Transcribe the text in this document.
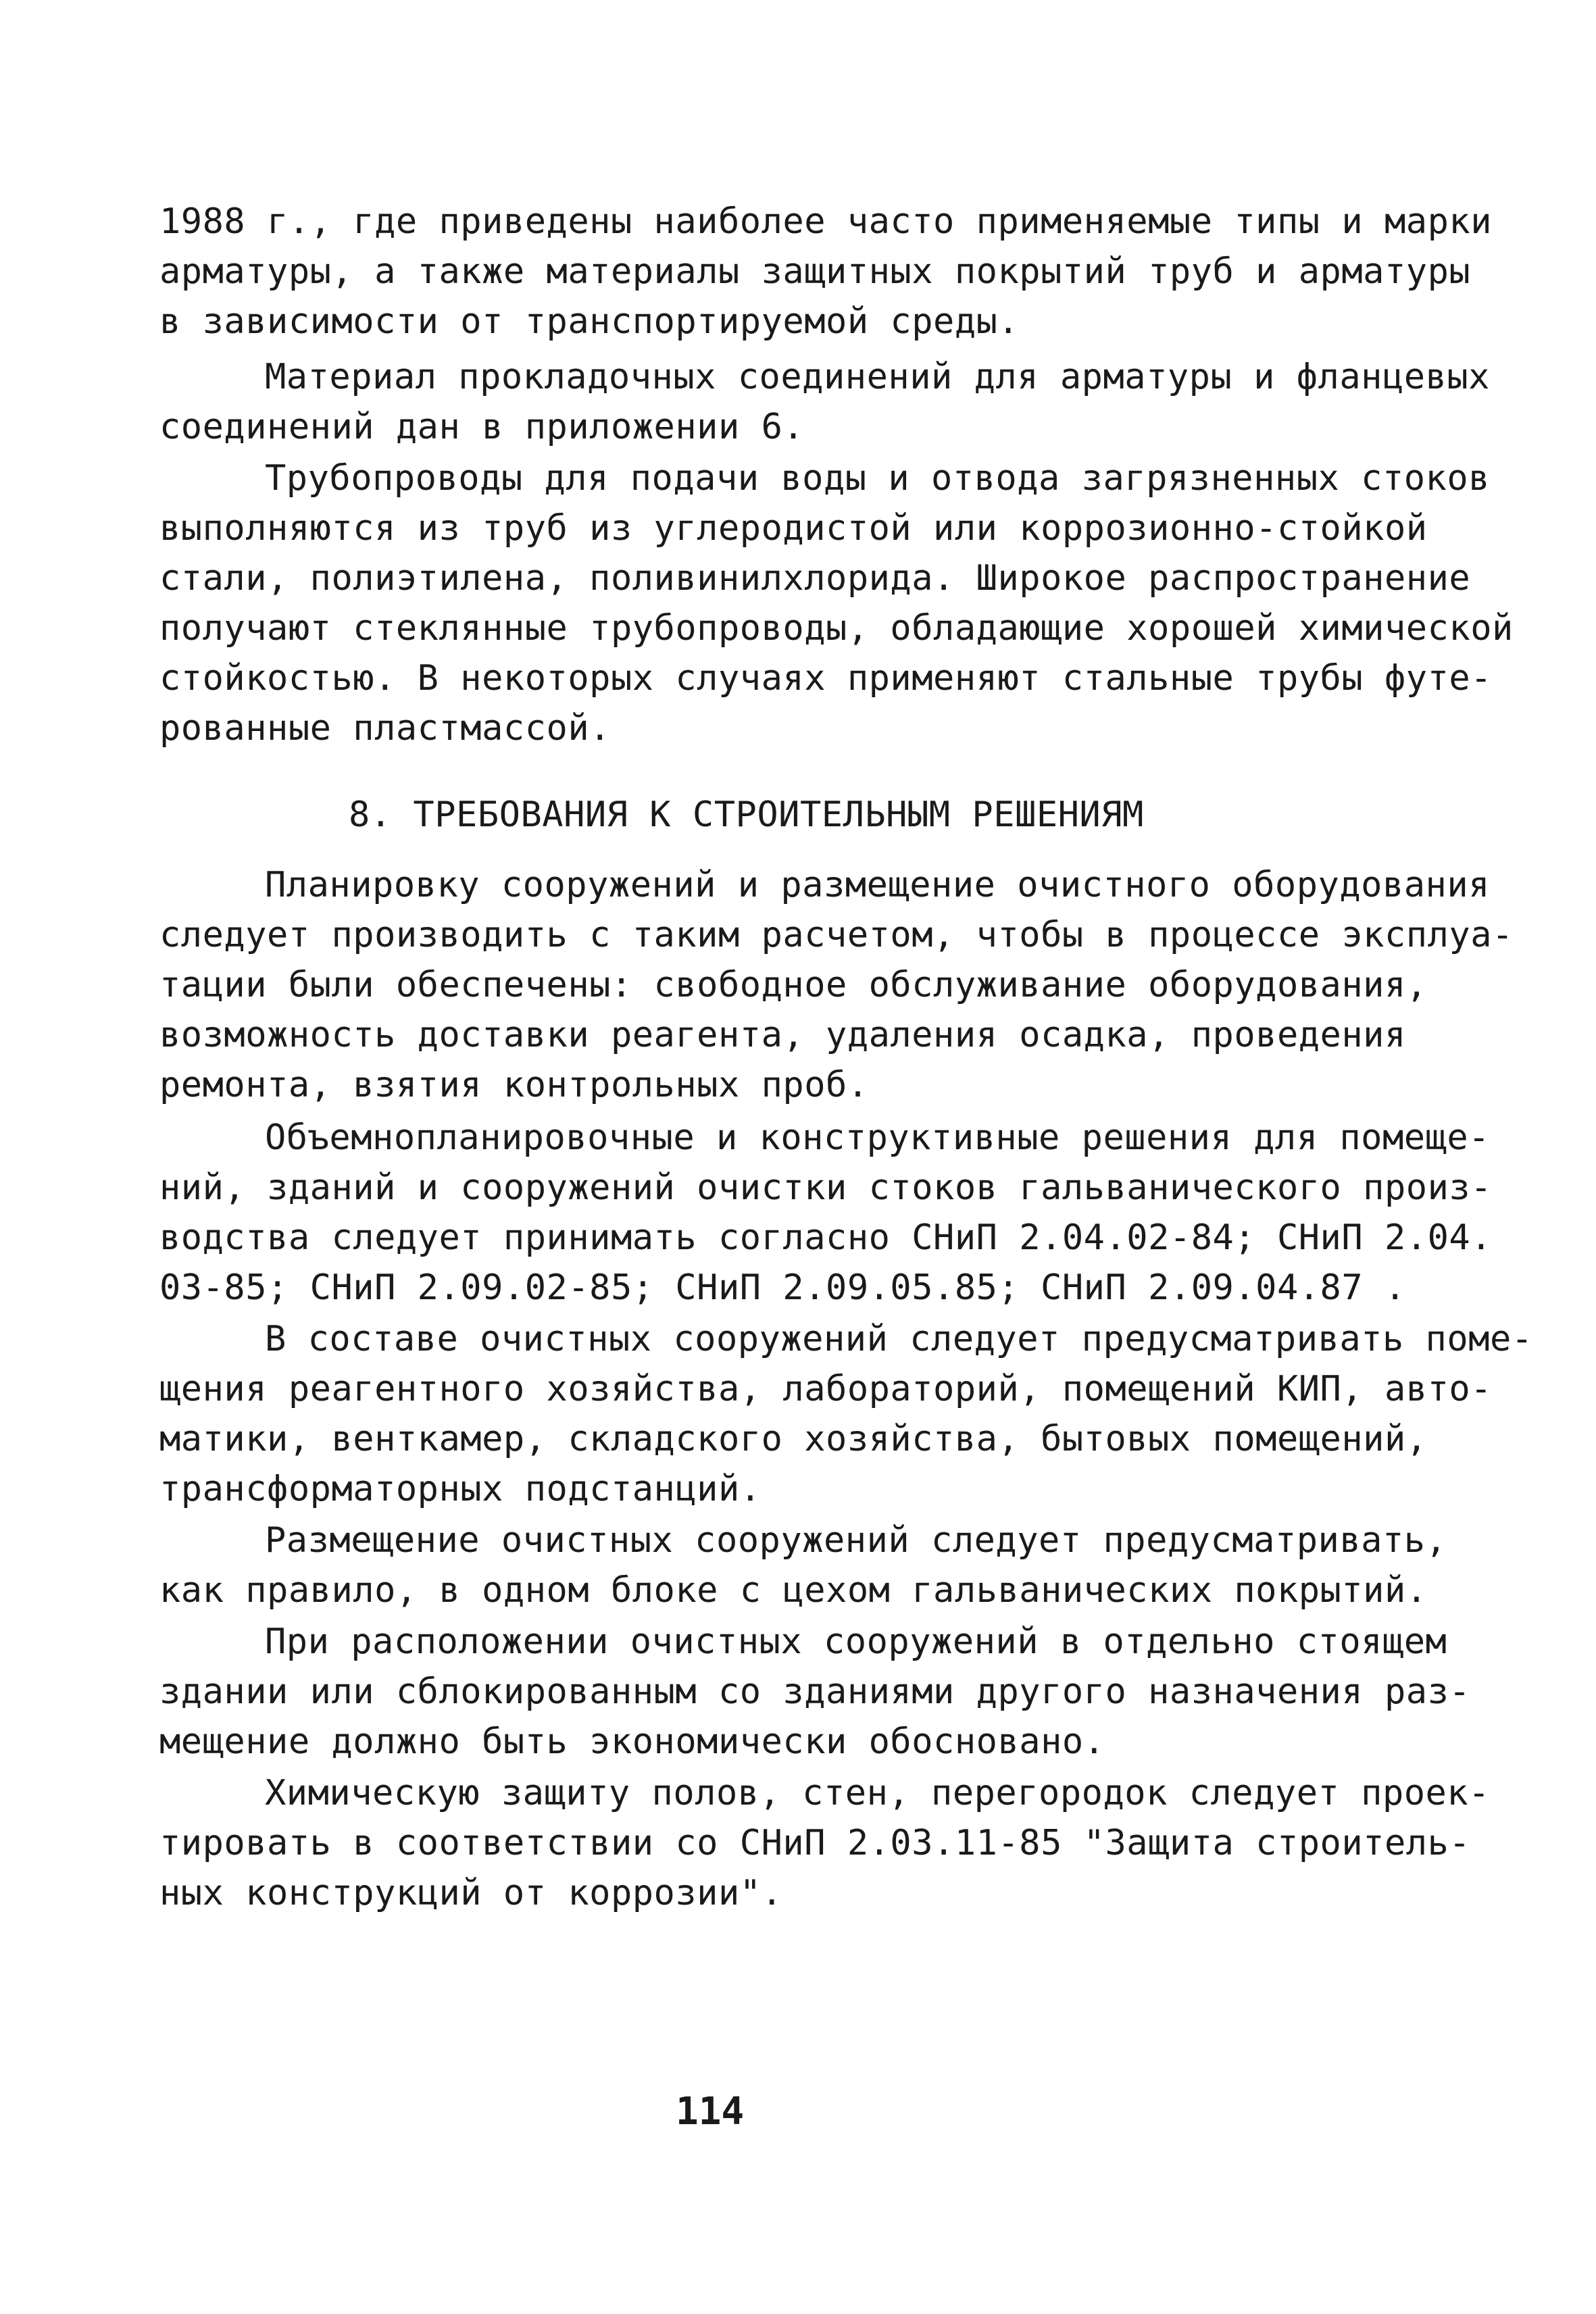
1988 г., где приведены наиболее часто применяемые типы и марки
арматуры, а также материалы защитных покрытий труб и арматуры
в зависимости от транспортируемой среды.
Материал прокладочных соединений для арматуры и фланцевых
соединений дан в приложении 6.
Трубопроводы для подачи воды и отвода загрязненных стоков
выполняются из труб из углеродистой или коррозионно-стойкой
стали, полиэтилена, поливинилхлорида. Широкое распространение
получают стеклянные трубопроводы, обладающие хорошей химической
стойкостью. В некоторых случаях применяют стальные трубы футе-
рованные пластмассой.
8. ТРЕБОВАНИЯ К СТРОИТЕЛЬНЫМ РЕШЕНИЯМ
Планировку сооружений и размещение очистного оборудования
следует производить с таким расчетом, чтобы в процессе эксплуа-
тации были обеспечены: свободное обслуживание оборудования,
возможность доставки реагента, удаления осадка, проведения
ремонта, взятия контрольных проб.
Объемнопланировочные и конструктивные решения для помеще-
ний, зданий и сооружений очистки стоков гальванического произ-
водства следует принимать согласно СНиП 2.04.02-84; СНиП 2.04.
03-85; СНиП 2.09.02-85; СНиП 2.09.05.85; СНиП 2.09.04.87 .
В составе очистных сооружений следует предусматривать поме-
щения реагентного хозяйства, лабораторий, помещений КИП, авто-
матики, венткамер, складского хозяйства, бытовых помещений,
трансформаторных подстанций.
Размещение очистных сооружений следует предусматривать,
как правило, в одном блоке с цехом гальванических покрытий.
При расположении очистных сооружений в отдельно стоящем
здании или сблокированным со зданиями другого назначения раз-
мещение должно быть экономически обосновано.
Химическую защиту полов, стен, перегородок следует проек-
тировать в соответствии со СНиП 2.03.11-85 "Защита строитель-
ных конструкций от коррозии".
114
